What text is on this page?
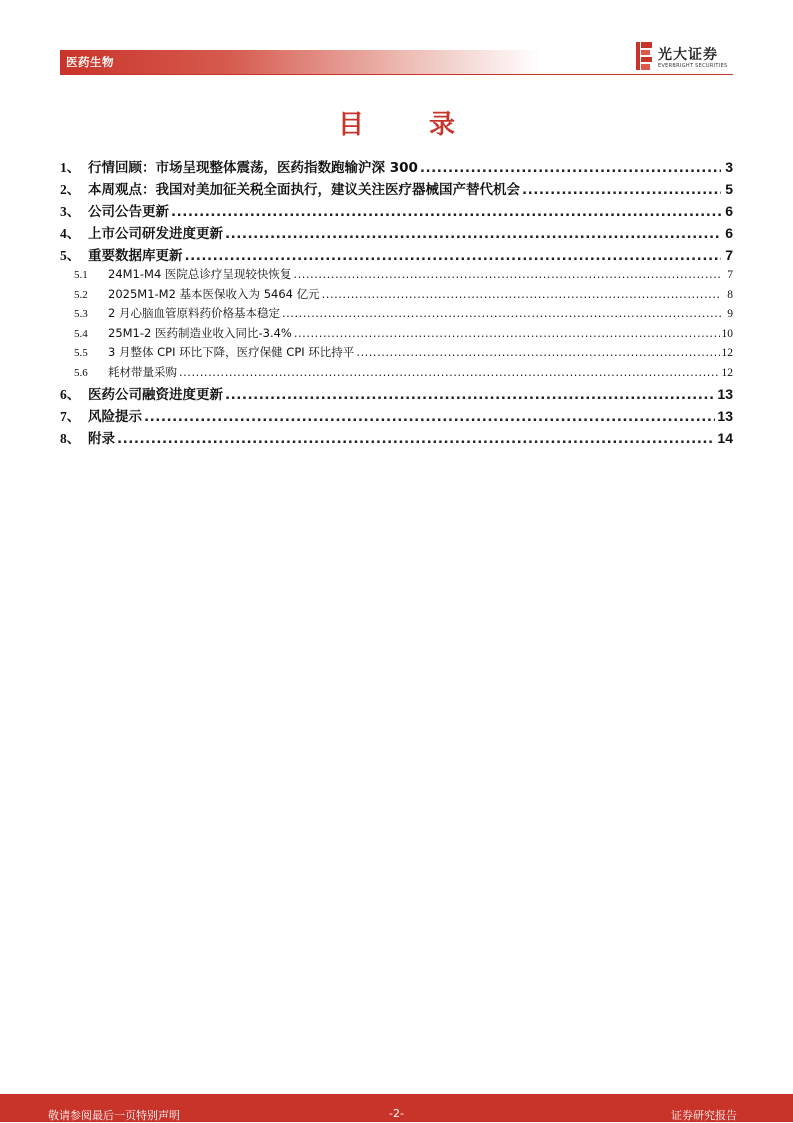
医药生物	光大证券
EVERBRIGHT SECURITIES
目 录
1、 行情回顾：市场呈现整体震荡，医药指数跑输沪深 300 .....	3
2、 本周观点：我国对美加征关税全面执行，建议关注医疗器械国产替代机会 .....	5
3、 公司公告更新 .....	6
4、 上市公司研发进度更新 .....	6
5、 重要数据库更新 .....	7
5.1	24M1-M4 医院总诊疗呈现较快恢复 .....	7
5.2	2025M1-M2 基本医保收入为 5464 亿元 .....	8
5.3	2 月心脑血管原料药价格基本稳定 .....	9
5.4	25M1-2 医药制造业收入同比-3.4% .....	10
5.5	3 月整体 CPI 环比下降，医疗保健 CPI 环比持平 .....	12
5.6	耗材带量采购 .....	12
6、 医药公司融资进度更新 .....	13
7、 风险提示 .....	13
8、 附录 .....	14
敬请参阅最后一页特别声明	-2-	证券研究报告
